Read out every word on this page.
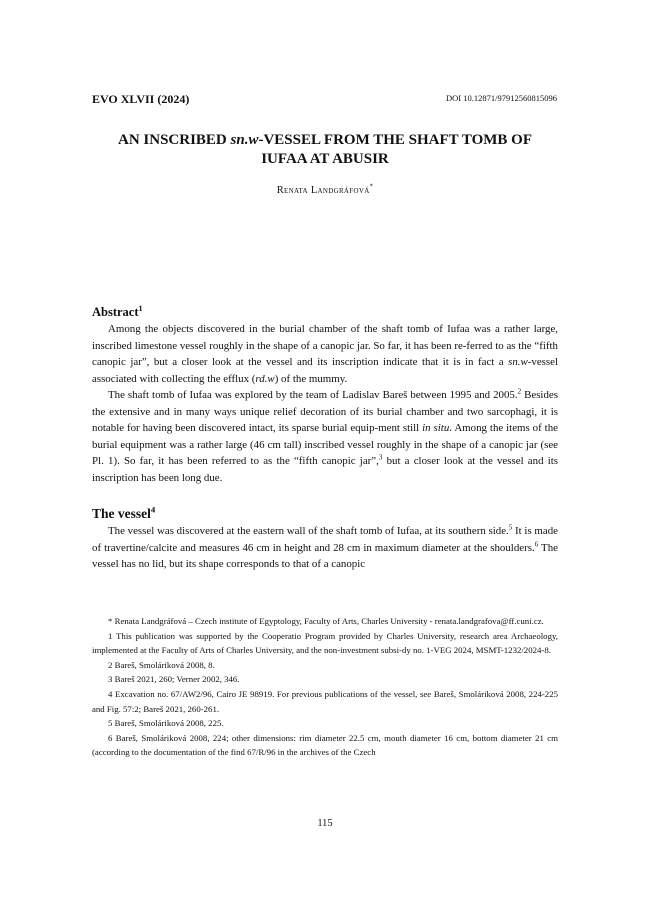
EVO XLVII (2024)	DOI 10.12871/97912560815096
AN INSCRIBED sn.w-VESSEL FROM THE SHAFT TOMB OF
IUFAA AT ABUSIR
Renata Landgráfová*
Abstract$^1$

Among the objects discovered in the burial chamber of the shaft tomb of Iufaa was a rather large, inscribed limestone vessel roughly in the shape of a canopic jar. So far, it has been re-ferred to as the “fifth canopic jar”, but a closer look at the vessel and its inscription indicate that it is in fact a sn.w-vessel associated with collecting the efflux (rd.w) of the mummy.

The shaft tomb of Iufaa was explored by the team of Ladislav Bareš between 1995 and 2005.$^2$ Besides the extensive and in many ways unique relief decoration of its burial chamber and two sarcophagi, it is notable for having been discovered intact, its sparse burial equip-ment still in situ. Among the items of the burial equipment was a rather large (46 cm tall) inscribed vessel roughly in the shape of a canopic jar (see Pl. 1). So far, it has been referred to as the “fifth canopic jar”,$^3$ but a closer look at the vessel and its inscription has been long due.

The vessel$^4$

The vessel was discovered at the eastern wall of the shaft tomb of Iufaa, at its southern side.$^5$ It is made of travertine/calcite and measures 46 cm in height and 28 cm in maximum diameter at the shoulders.$^6$ The vessel has no lid, but its shape corresponds to that of a canopic

* Renata Landgráfová – Czech institute of Egyptology, Faculty of Arts, Charles University - renata.landgrafova@ff.cuni.cz.

1 This publication was supported by the Cooperatio Program provided by Charles University, research area Archaeology, implemented at the Faculty of Arts of Charles University, and the non-investment subsi-dy no. 1-VEG 2024, MSMT-1232/2024-8.

2 Bareš, Smoláriková 2008, 8.

3 Bareš 2021, 260; Verner 2002, 346.

4 Excavation no. 67/AW2/96, Cairo JE 98919. For previous publications of the vessel, see Bareš, Smoláriková 2008, 224-225 and Fig. 57:2; Bareš 2021, 260-261.

5 Bareš, Smoláriková 2008, 225.

6 Bareš, Smoláriková 2008, 224; other dimensions: rim diameter 22.5 cm, mouth diameter 16 cm, bottom diameter 21 cm (according to the documentation of the find 67/R/96 in the archives of the Czech

115
